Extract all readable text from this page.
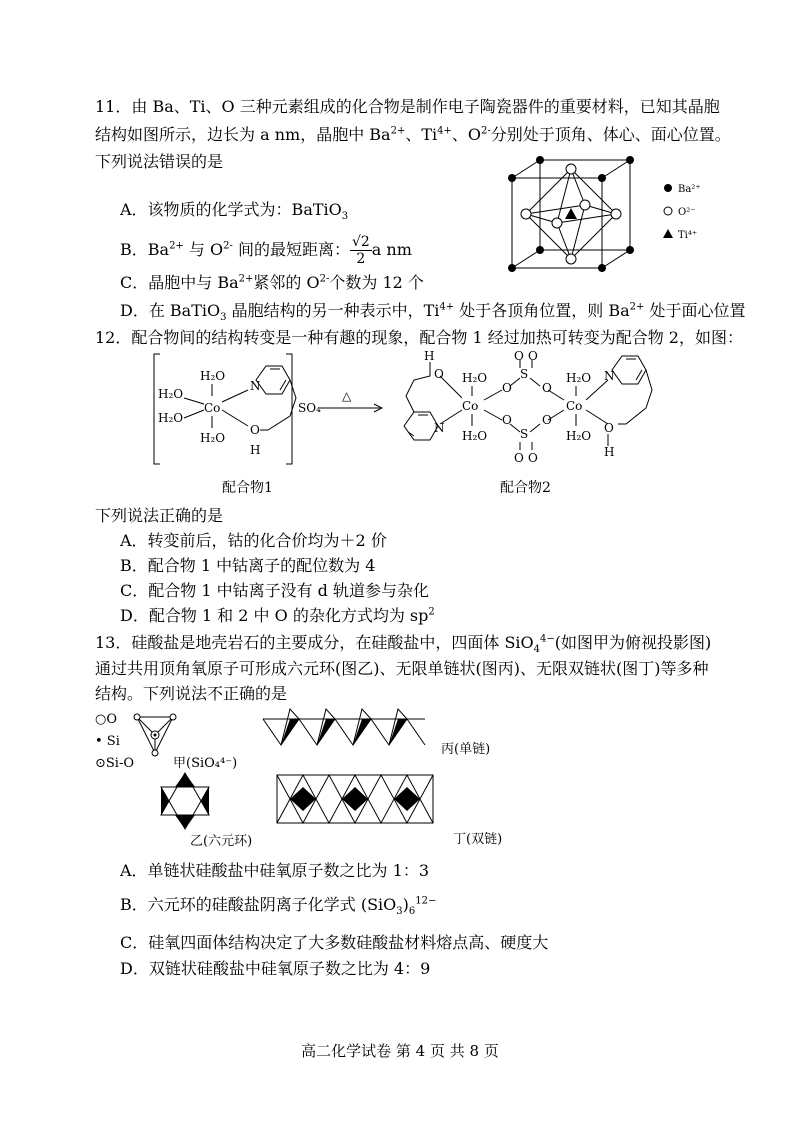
11．由 Ba、Ti、O 三种元素组成的化合物是制作电子陶瓷器件的重要材料，已知其晶胞
结构如图所示，边长为 a nm，晶胞中 $Ba^{2+}$、$Ti^{4+}$、$O^{2-}$分别处于顶角、体心、面心位置。
下列说法错误的是
A．该物质的化学式为：BaTiO$_3$
B．$Ba^{2+}$ 与 $O^{2-}$ 间的最短距离： $\frac{√2}{2}$ a nm
C．晶胞中与 $Ba^{2+}$紧邻的 $O^{2-}$个数为 12 个
D．在 BaTiO$_3$ 晶胞结构的另一种表示中，$Ti^{4+}$ 处于各顶角位置，则 $Ba^{2+}$ 处于面心位置
Ba²⁺
O²⁻
Ti⁴⁺
12．配合物间的结构转变是一种有趣的现象，配合物 1 经过加热可转变为配合物 2，如图：
H₂O
H₂O
H₂O
H₂O
Co
N
O
H
SO₄
△
H
O
N
H₂O
H₂O
Co
O
O
S
S
O O
O O
O
O
H₂O
H₂O
Co
N
O
H
配合物1	配合物2
下列说法正确的是
A．转变前后，钴的化合价均为＋2 价
B．配合物 1 中钴离子的配位数为 4
C．配合物 1 中钴离子没有 d 轨道参与杂化
D．配合物 1 和 2 中 O 的杂化方式均为 $sp^2$
13．硅酸盐是地壳岩石的主要成分，在硅酸盐中，四面体 SiO$_4^{4-}$(如图甲为俯视投影图)
通过共用顶角氧原子可形成六元环(图乙)、无限单链状(图丙)、无限双链状(图丁)等多种
结构。下列说法不正确的是
○O
• Si
⊙Si-O	甲(SiO₄⁴⁻)
乙(六元环)
丙(单链)
丁(双链)
A．单链状硅酸盐中硅氧原子数之比为 1：3
B．六元环的硅酸盐阴离子化学式 $(SiO_3)_6^{12-}$
C．硅氧四面体结构决定了大多数硅酸盐材料熔点高、硬度大
D．双链状硅酸盐中硅氧原子数之比为 4：9
高二化学试卷 第 4 页 共 8 页
